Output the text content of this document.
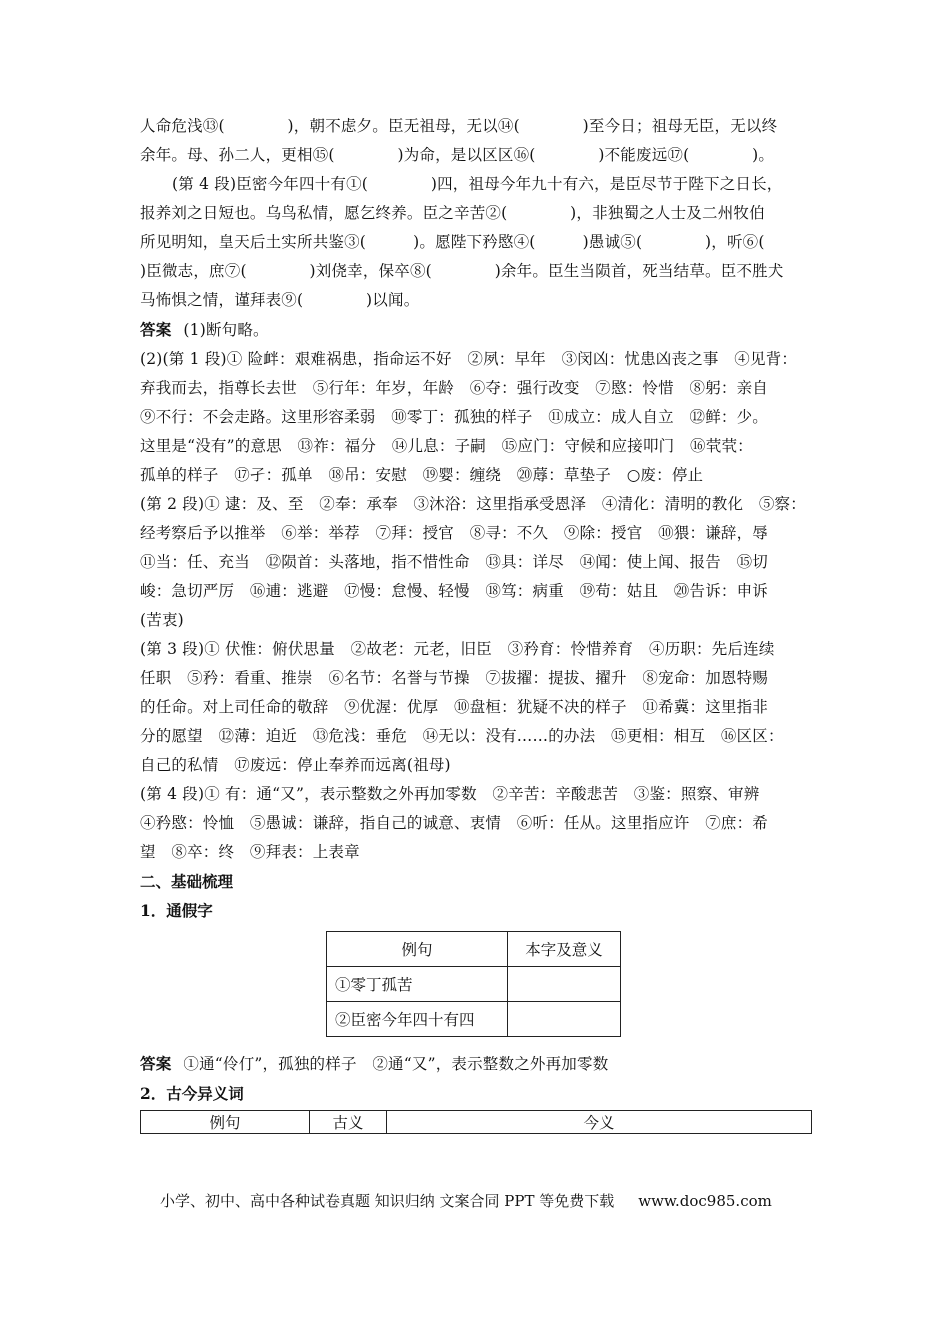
人命危浅⑬(　　　　)，朝不虑夕。臣无祖母，无以⑭(　　　　)至今日；祖母无臣，无以终
余年。母、孙二人，更相⑮(　　　　)为命，是以区区⑯(　　　　)不能废远⑰(　　　　)。
(第 4 段)臣密今年四十有①(　　　　)四，祖母今年九十有六，是臣尽节于陛下之日长，
报养刘之日短也。乌鸟私情，愿乞终养。臣之辛苦②(　　　　)，非独蜀之人士及二州牧伯
所见明知，皇天后土实所共鉴③(　　　)。愿陛下矜愍④(　　　)愚诚⑤(　　　　)，听⑥(
)臣微志，庶⑦(　　　　)刘侥幸，保卒⑧(　　　　)余年。臣生当陨首，死当结草。臣不胜犬
马怖惧之情，谨拜表⑨(　　　　)以闻。
答案 (1)断句略。
(2)(第 1 段)① 险衅：艰难祸患，指命运不好　②夙：早年　③闵凶：忧患凶丧之事　④见背：
弃我而去，指尊长去世　⑤行年：年岁，年龄　⑥夺：强行改变　⑦愍：怜惜　⑧躬：亲自
⑨不行：不会走路。这里形容柔弱　⑩零丁：孤独的样子　⑪成立：成人自立　⑫鲜：少。
这里是“没有”的意思　⑬祚：福分　⑭儿息：子嗣　⑮应门：守候和应接叩门　⑯茕茕：
孤单的样子　⑰孑：孤单　⑱吊：安慰　⑲婴：缠绕　⑳蓐：草垫子　○废：停止
(第 2 段)① 逮：及、至　②奉：承奉　③沐浴：这里指承受恩泽　④清化：清明的教化　⑤察：
经考察后予以推举　⑥举：举荐　⑦拜：授官　⑧寻：不久　⑨除：授官　⑩猥：谦辞，辱
⑪当：任、充当　⑫陨首：头落地，指不惜性命　⑬具：详尽　⑭闻：使上闻、报告　⑮切
峻：急切严厉　⑯逋：逃避　⑰慢：怠慢、轻慢　⑱笃：病重　⑲苟：姑且　⑳告诉：申诉
(苦衷)
(第 3 段)① 伏惟：俯伏思量　②故老：元老，旧臣　③矜育：怜惜养育　④历职：先后连续
任职　⑤矜：看重、推崇　⑥名节：名誉与节操　⑦拔擢：提拔、擢升　⑧宠命：加恩特赐
的任命。对上司任命的敬辞　⑨优渥：优厚　⑩盘桓：犹疑不决的样子　⑪希冀：这里指非
分的愿望　⑫薄：迫近　⑬危浅：垂危　⑭无以：没有……的办法　⑮更相：相互　⑯区区：
自己的私情　⑰废远：停止奉养而远离(祖母)
(第 4 段)① 有：通“又”，表示整数之外再加零数　②辛苦：辛酸悲苦　③鉴：照察、审辨
④矜愍：怜恤　⑤愚诚：谦辞，指自己的诚意、衷情　⑥听：任从。这里指应许　⑦庶：希
望　⑧卒：终　⑨拜表：上表章
二、基础梳理
1．通假字
例句	本字及意义
①零丁孤苦	
②臣密今年四十有四	
答案 ①通“伶仃”，孤独的样子　②通“又”，表示整数之外再加零数
2．古今异义词
例句	古义	今义
小学、初中、高中各种试卷真题 知识归纳 文案合同 PPT 等免费下载 www.doc985.com
